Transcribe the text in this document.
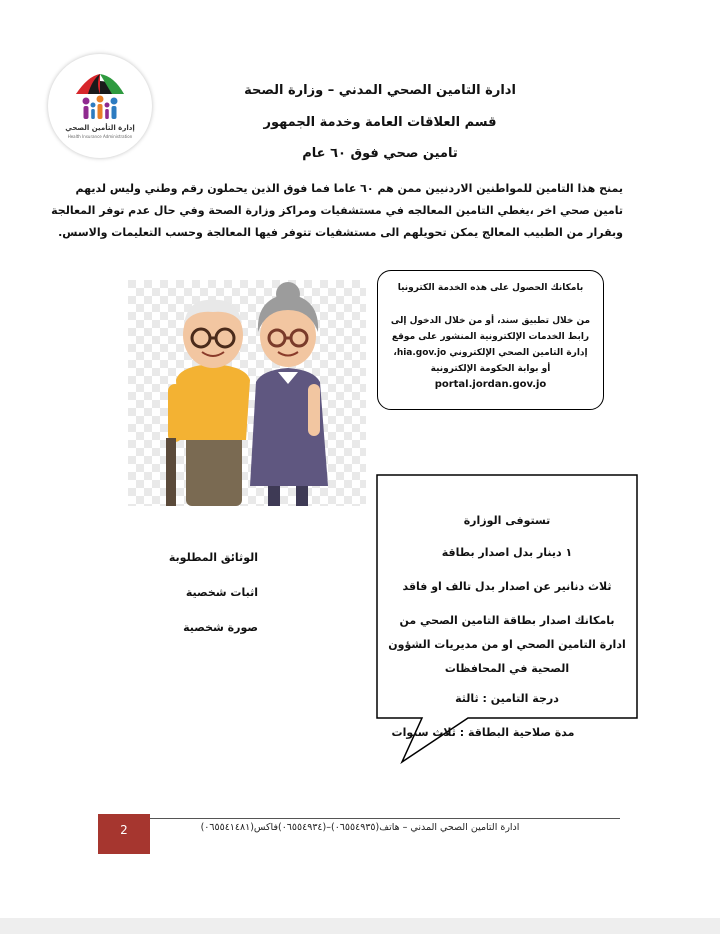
إدارة التأمين الصحي
Health Insurance Administration
ادارة التامين الصحي المدني – وزارة الصحة
قسم العلاقات العامة وخدمة الجمهور
تامين صحي فوق ٦٠ عام

يمنح هذا التامين للمواطنين الاردنيين ممن هم ٦٠ عاما فما فوق الذين يحملون رقم وطني وليس لديهم

تامين صحي اخر ،يغطي التامين المعالجه في مستشفيات ومراكز وزارة الصحة وفي حال عدم توفر المعالجة

وبقرار من الطبيب المعالج يمكن تحويلهم الى مستشفيات تتوفر فيها المعالجة وحسب التعليمات والاسس.

بامكانك الحصول على هذه الخدمة الكترونيا
من خلال تطبيق سند، أو من خلال الدخول إلى
رابط الخدمات الإلكترونية المنشور على موقع
إدارة التامين الصحي الإلكتروني hia.gov.jo،
أو بوابة الحكومة الإلكترونية
portal.jordan.gov.jo
تستوفى الوزارة
١ دينار بدل اصدار بطاقة
ثلاث دنانير عن اصدار بدل تالف او فاقد
بامكانك اصدار بطاقة التامين الصحي من
ادارة التامين الصحي او من مديريات الشؤون
الصحية في المحافظات
درجة التامين : ثالثة
مدة صلاحية البطاقة : ثلاث سنوات
الوثائق المطلوبة
اثبات شخصية
صورة شخصية
2	ادارة التامين الصحي المدني – هاتف(٠٦٥٥٤٩٣٥)–(٠٦٥٥٤٩٣٤)فاكس(٠٦٥٥٤١٤٨١)
